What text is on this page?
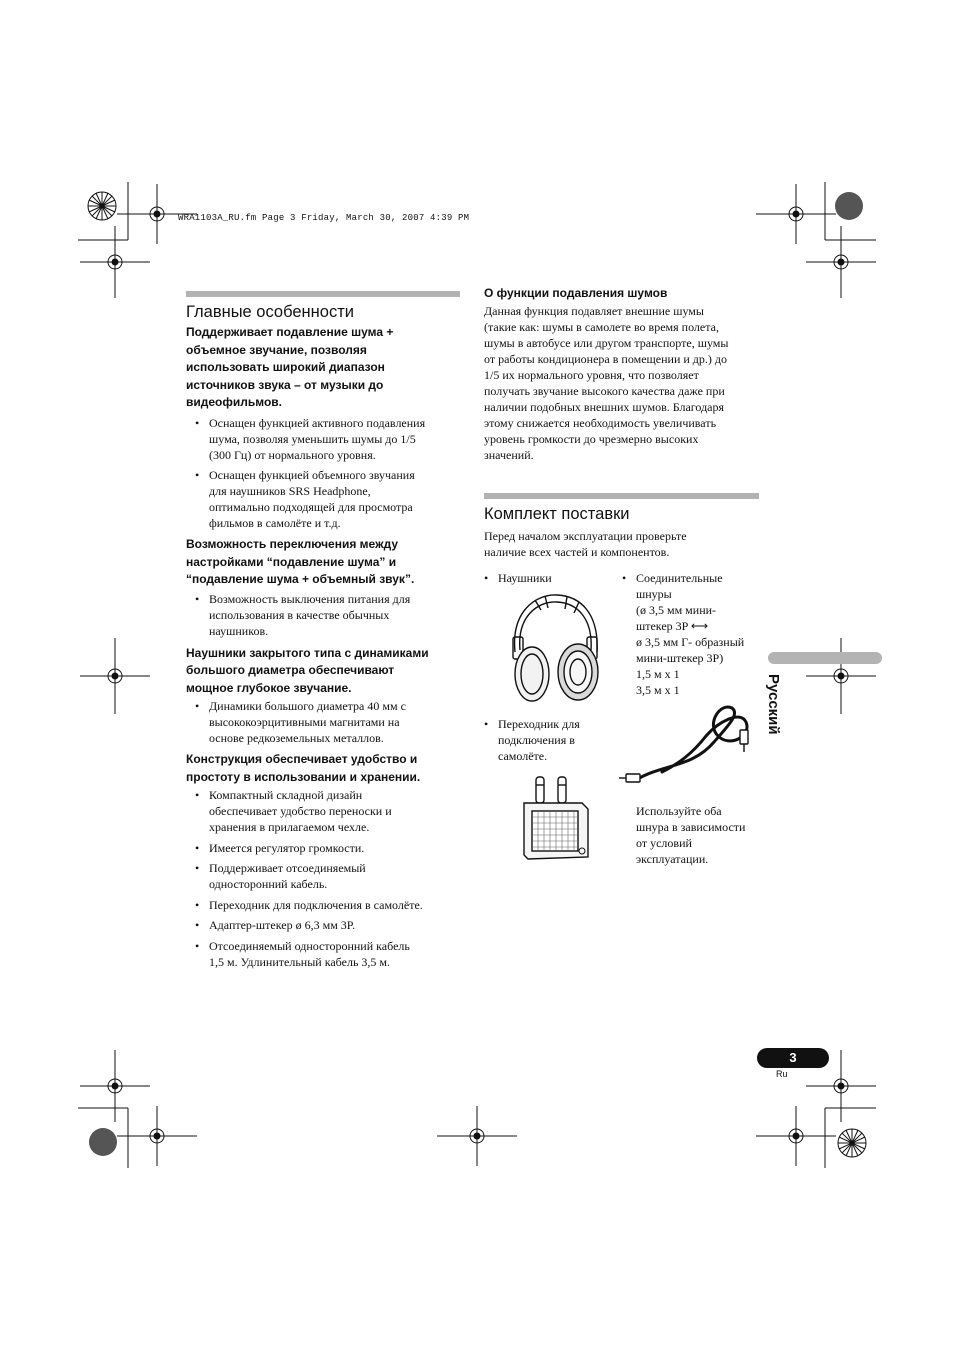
WRA1103A_RU.fm Page 3 Friday, March 30, 2007 4:39 PM
Главные особенности
Поддерживает подавление шума +
объемное звучание, позволяя
использовать широкий диапазон
источников звука – от музыки до
видеофильмов.
• Оснащен функцией активного подавления
шума, позволяя уменьшить шумы до 1/5
(300 Гц) от нормального уровня.
• Оснащен функцией объемного звучания
для наушников SRS Headphone,
оптимально подходящей для просмотра
фильмов в самолёте и т.д.
Возможность переключения между
настройками “подавление шума” и
“подавление шума + объемный звук”.
• Возможность выключения питания для
использования в качестве обычных
наушников.
Наушники закрытого типа с динамиками
большого диаметра обеспечивают
мощное глубокое звучание.
• Динамики большого диаметра 40 мм с
высококоэрцитивными магнитами на
основе редкоземельных металлов.
Конструкция обеспечивает удобство и
простоту в использовании и хранении.
• Компактный складной дизайн
обеспечивает удобство переноски и
хранения в прилагаемом чехле.
• Имеется регулятор громкости.
• Поддерживает отсоединяемый
односторонний кабель.
• Переходник для подключения в самолёте.
• Адаптер-штекер ø 6,3 мм 3P.
• Отсоединяемый односторонний кабель
1,5 м. Удлинительный кабель 3,5 м.
О функции подавления шумов
Данная функция подавляет внешние шумы
(такие как: шумы в самолете во время полета,
шумы в автобусе или другом транспорте, шумы
от работы кондиционера в помещении и др.) до
1/5 их нормального уровня, что позволяет
получать звучание высокого качества даже при
наличии подобных внешних шумов. Благодаря
этому снижается необходимость увеличивать
уровень громкости до чрезмерно высоких
значений.
Комплект поставки
Перед началом эксплуатации проверьте
наличие всех частей и компонентов.
• Наушники	• Соединительные
шнуры
(ø 3,5 мм мини-
штекер 3P ⟷
ø 3,5 мм Г- образный
мини-штекер 3P)
1,5 м x 1
3,5 м x 1
• Переходник для
подключения в
самолёте.
Используйте оба
шнура в зависимости
от условий
эксплуатации.
Русский
3
Ru
